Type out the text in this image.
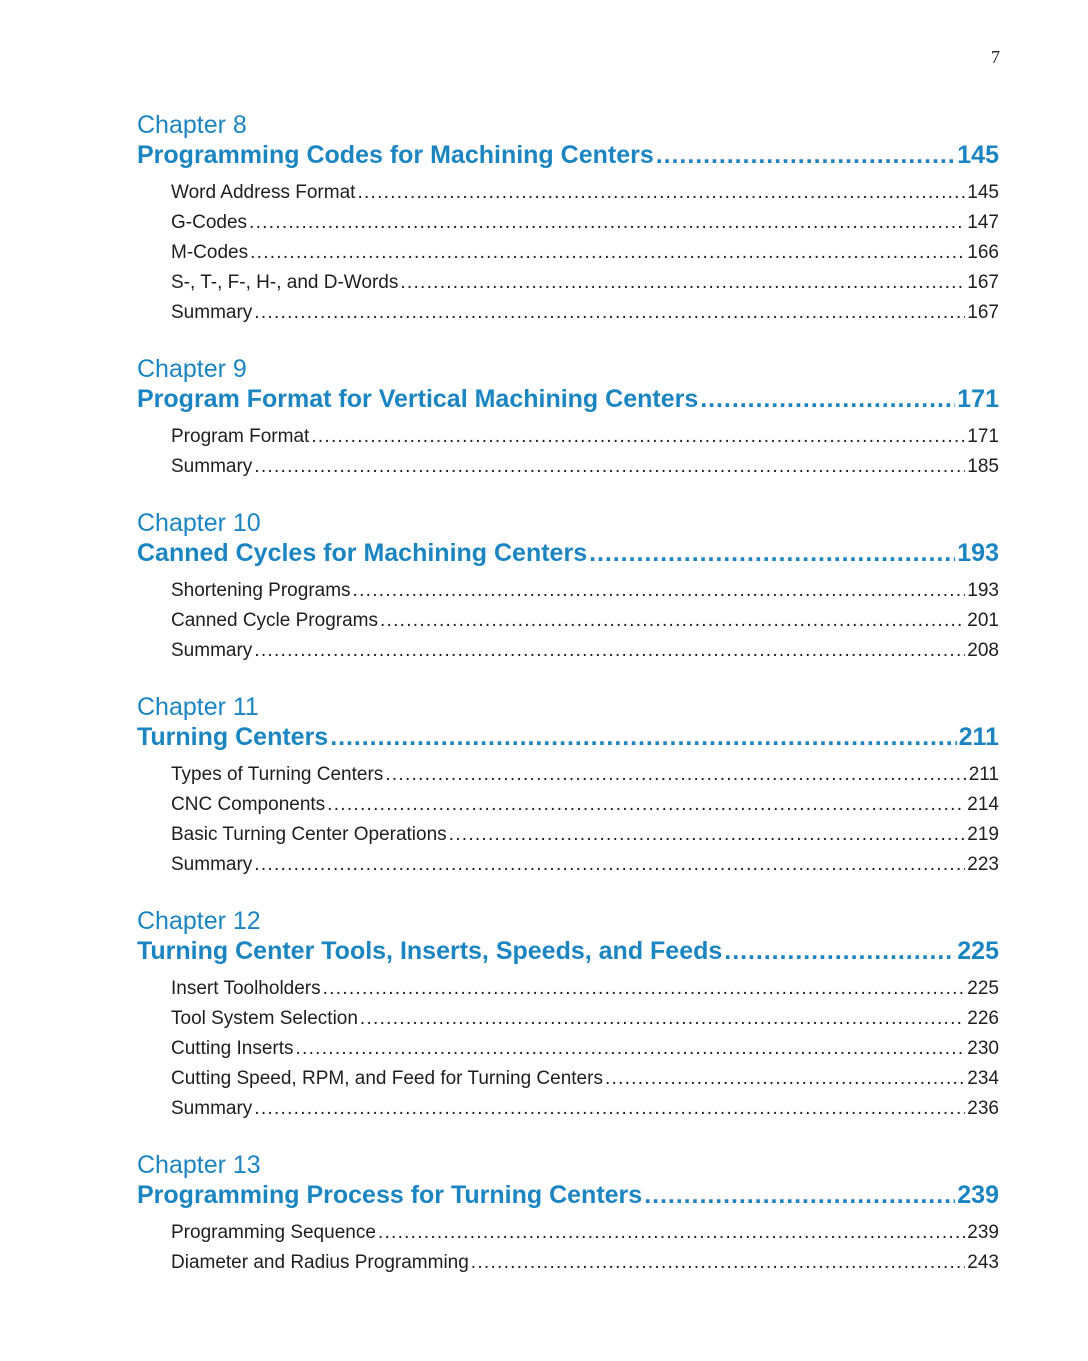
7
Chapter 8
Programming Codes for Machining Centers . . .	145
Word Address Format . . .	145
G-Codes . . .	147
M-Codes . . .	166
S-, T-, F-, H-, and D-Words . . .	167
Summary . . .	167
Chapter 9
Program Format for Vertical Machining Centers . . .	171
Program Format . . .	171
Summary . . .	185
Chapter 10
Canned Cycles for Machining Centers . . .	193
Shortening Programs . . .	193
Canned Cycle Programs . . .	201
Summary . . .	208
Chapter 11
Turning Centers . . .	211
Types of Turning Centers . . .	211
CNC Components . . .	214
Basic Turning Center Operations . . .	219
Summary . . .	223
Chapter 12
Turning Center Tools, Inserts, Speeds, and Feeds . . .	225
Insert Toolholders . . .	225
Tool System Selection . . .	226
Cutting Inserts . . .	230
Cutting Speed, RPM, and Feed for Turning Centers . . .	234
Summary . . .	236
Chapter 13
Programming Process for Turning Centers . . .	239
Programming Sequence . . .	239
Diameter and Radius Programming . . .	243
